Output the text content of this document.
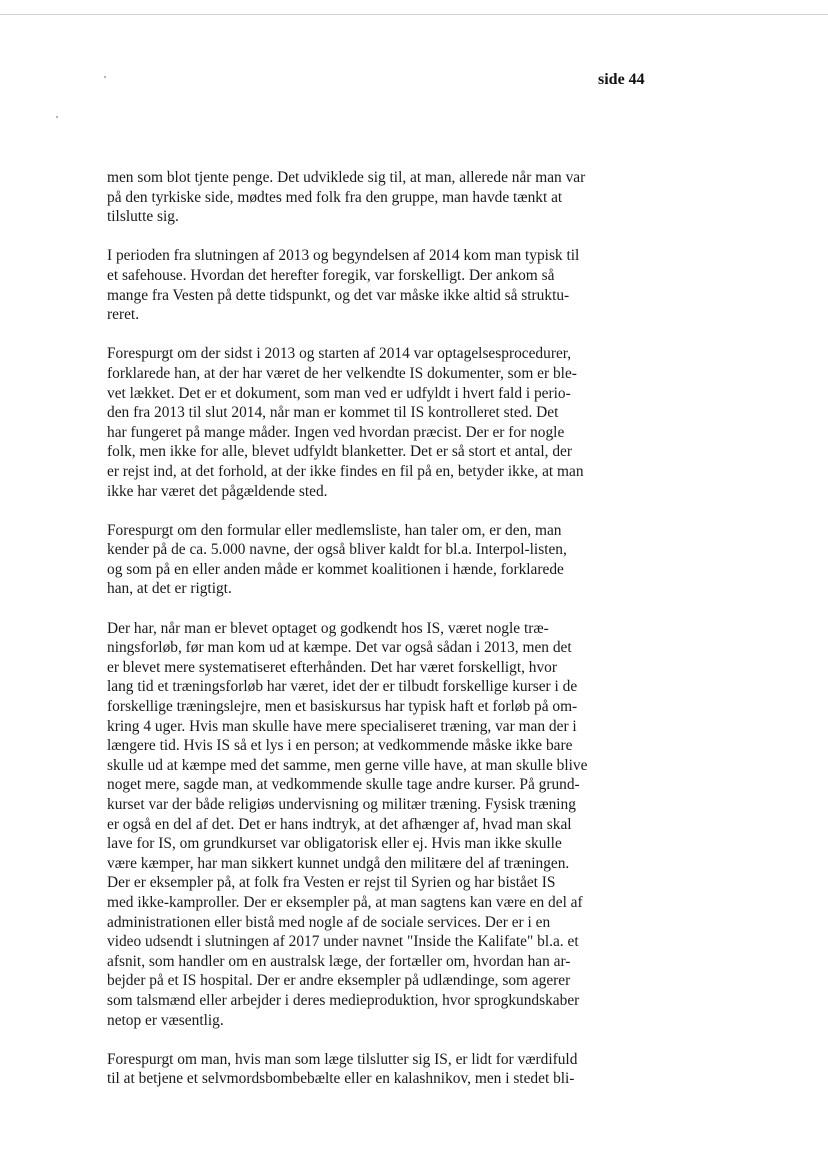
side 44
men som blot tjente penge. Det udviklede sig til, at man, allerede når man var
på den tyrkiske side, mødtes med folk fra den gruppe, man havde tænkt at
tilslutte sig.
I perioden fra slutningen af 2013 og begyndelsen af 2014 kom man typisk til
et safehouse. Hvordan det herefter foregik, var forskelligt. Der ankom så
mange fra Vesten på dette tidspunkt, og det var måske ikke altid så struktu-
reret.
Forespurgt om der sidst i 2013 og starten af 2014 var optagelsesprocedurer,
forklarede han, at der har været de her velkendte IS dokumenter, som er ble-
vet lækket. Det er et dokument, som man ved er udfyldt i hvert fald i perio-
den fra 2013 til slut 2014, når man er kommet til IS kontrolleret sted. Det
har fungeret på mange måder. Ingen ved hvordan præcist. Der er for nogle
folk, men ikke for alle, blevet udfyldt blanketter. Det er så stort et antal, der
er rejst ind, at det forhold, at der ikke findes en fil på en, betyder ikke, at man
ikke har været det pågældende sted.
Forespurgt om den formular eller medlemsliste, han taler om, er den, man
kender på de ca. 5.000 navne, der også bliver kaldt for bl.a. Interpol-listen,
og som på en eller anden måde er kommet koalitionen i hænde, forklarede
han, at det er rigtigt.
Der har, når man er blevet optaget og godkendt hos IS, været nogle træ-
ningsforløb, før man kom ud at kæmpe. Det var også sådan i 2013, men det
er blevet mere systematiseret efterhånden. Det har været forskelligt, hvor
lang tid et træningsforløb har været, idet der er tilbudt forskellige kurser i de
forskellige træningslejre, men et basiskursus har typisk haft et forløb på om-
kring 4 uger. Hvis man skulle have mere specialiseret træning, var man der i
længere tid. Hvis IS så et lys i en person; at vedkommende måske ikke bare
skulle ud at kæmpe med det samme, men gerne ville have, at man skulle blive
noget mere, sagde man, at vedkommende skulle tage andre kurser. På grund-
kurset var der både religiøs undervisning og militær træning. Fysisk træning
er også en del af det. Det er hans indtryk, at det afhænger af, hvad man skal
lave for IS, om grundkurset var obligatorisk eller ej. Hvis man ikke skulle
være kæmper, har man sikkert kunnet undgå den militære del af træningen.
Der er eksempler på, at folk fra Vesten er rejst til Syrien og har bistået IS
med ikke-kamproller. Der er eksempler på, at man sagtens kan være en del af
administrationen eller bistå med nogle af de sociale services. Der er i en
video udsendt i slutningen af 2017 under navnet "Inside the Kalifate" bl.a. et
afsnit, som handler om en australsk læge, der fortæller om, hvordan han ar-
bejder på et IS hospital. Der er andre eksempler på udlændinge, som agerer
som talsmænd eller arbejder i deres medieproduktion, hvor sprogkundskaber
netop er væsentlig.
Forespurgt om man, hvis man som læge tilslutter sig IS, er lidt for værdifuld
til at betjene et selvmordsbombebælte eller en kalashnikov, men i stedet bli-
